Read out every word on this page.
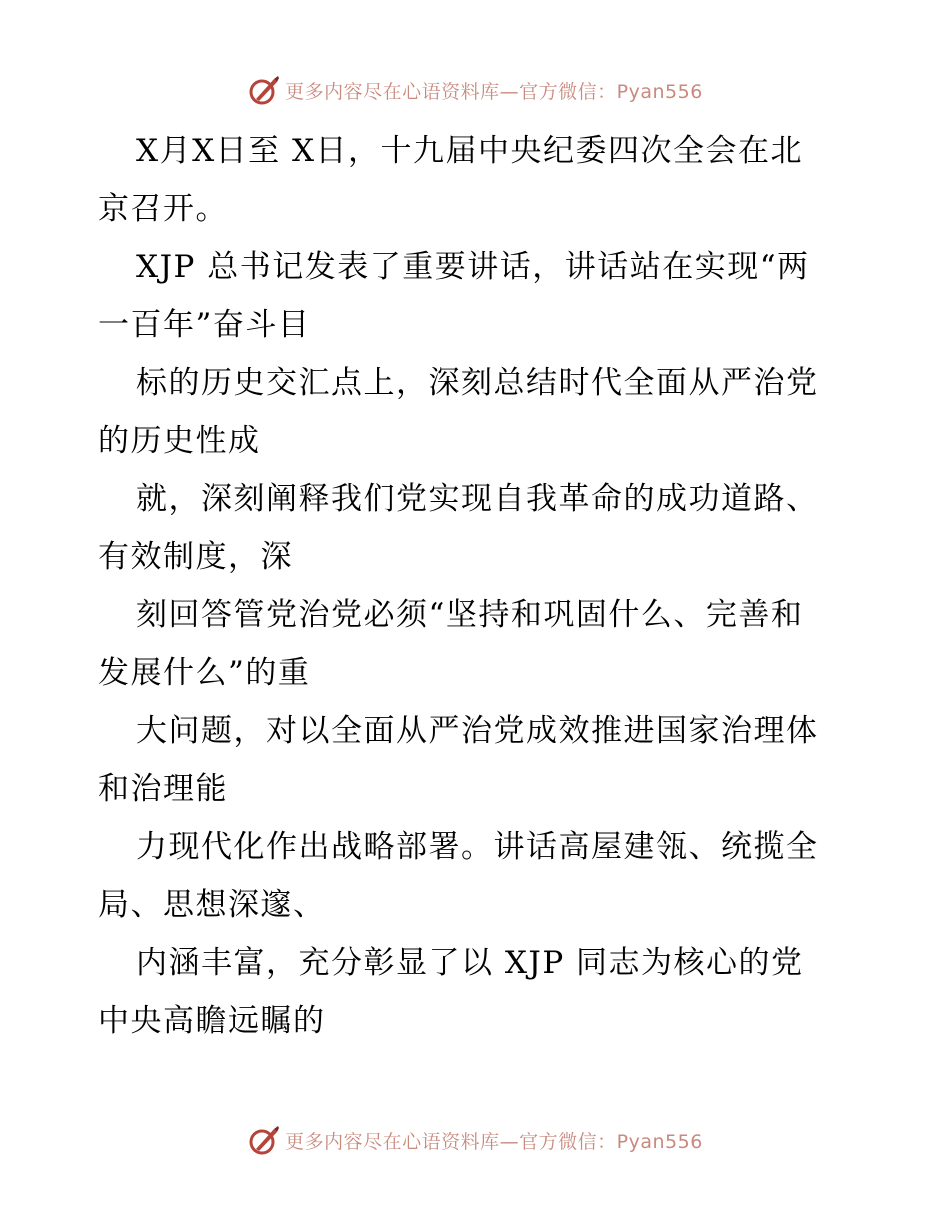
更多内容尽在心语资料库—官方微信：Pyan556
X月X日至 X日，十九届中央纪委四次全会在北
京召开。
XJP 总书记发表了重要讲话，讲话站在实现“两
一百年”奋斗目
标的历史交汇点上，深刻总结时代全面从严治党
的历史性成
就，深刻阐释我们党实现自我革命的成功道路、
有效制度，深
刻回答管党治党必须“坚持和巩固什么、完善和
发展什么”的重
大问题，对以全面从严治党成效推进国家治理体
和治理能
力现代化作出战略部署。讲话高屋建瓴、统揽全
局、思想深邃、
内涵丰富，充分彰显了以 XJP 同志为核心的党
中央高瞻远瞩的
更多内容尽在心语资料库—官方微信：Pyan556
